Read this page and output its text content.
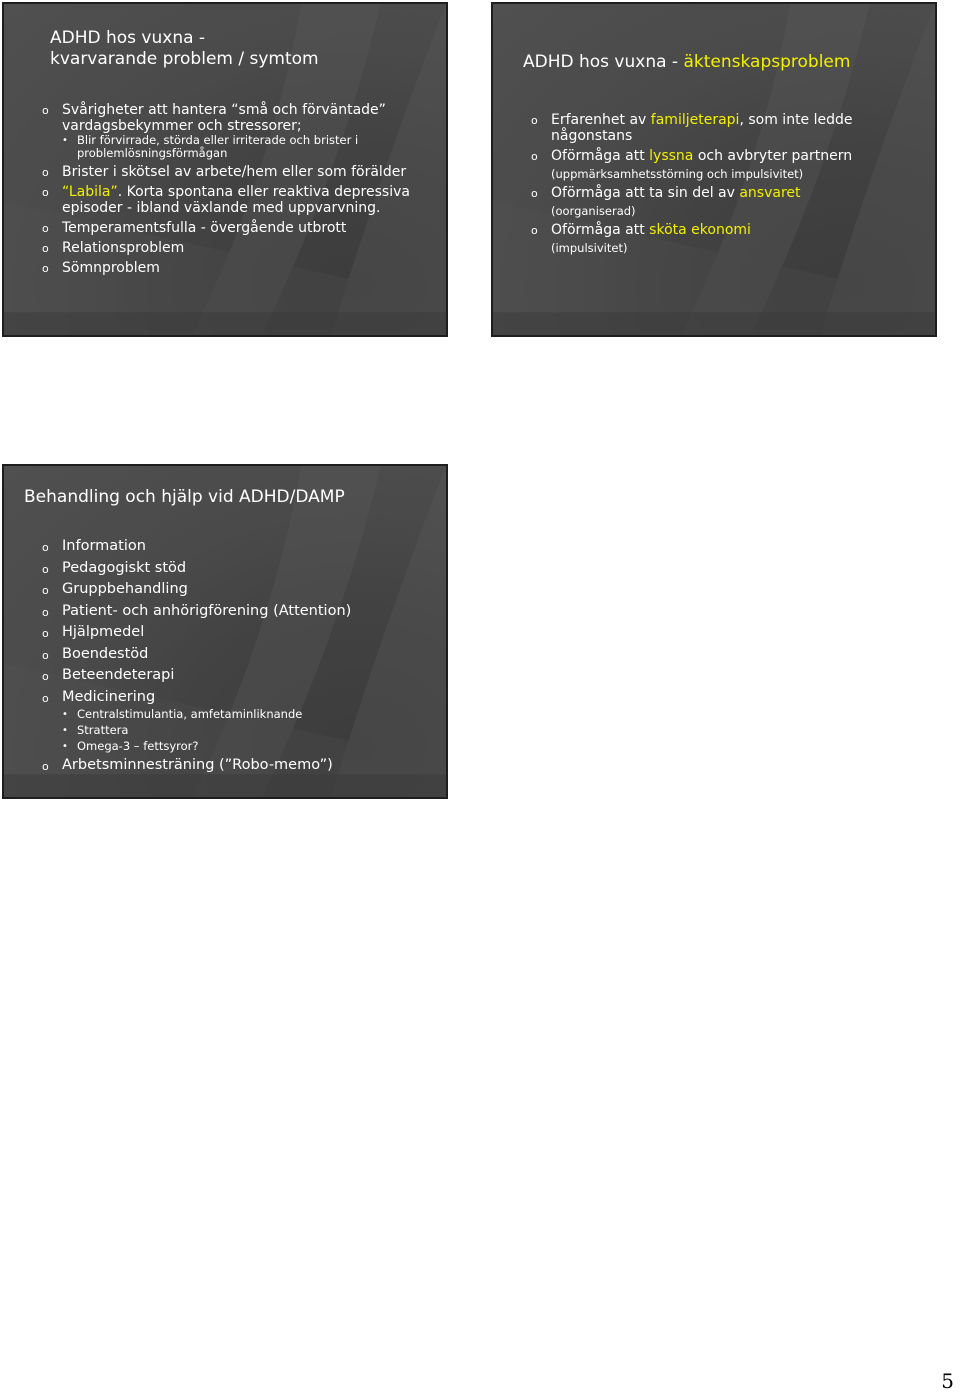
ADHD hos vuxna -
kvarvarande problem / symtom
o Svårigheter att hantera “små och förväntade” vardagsbekymmer och stressorer;
• Blir förvirrade, störda eller irriterade och brister i problemlösningsförmågan
o Brister i skötsel av arbete/hem eller som förälder
o “Labila”. Korta spontana eller reaktiva depressiva episoder - ibland växlande med uppvarvning.
o Temperamentsfulla - övergående utbrott
o Relationsproblem
o Sömnproblem
ADHD hos vuxna - äktenskapsproblem
o Erfarenhet av familjeterapi, som inte ledde någonstans
o Oförmåga att lyssna och avbryter partnern
(uppmärksamhetsstörning och impulsivitet)
o Oförmåga att ta sin del av ansvaret
(oorganiserad)
o Oförmåga att sköta ekonomi
(impulsivitet)
Behandling och hjälp vid ADHD/DAMP
o Information
o Pedagogiskt stöd
o Gruppbehandling
o Patient- och anhörigförening (Attention)
o Hjälpmedel
o Boendestöd
o Beteendeterapi
o Medicinering
• Centralstimulantia, amfetaminliknande
• Strattera
• Omega-3 – fettsyror?
o Arbetsminnesträning (”Robo-memo”)
5
